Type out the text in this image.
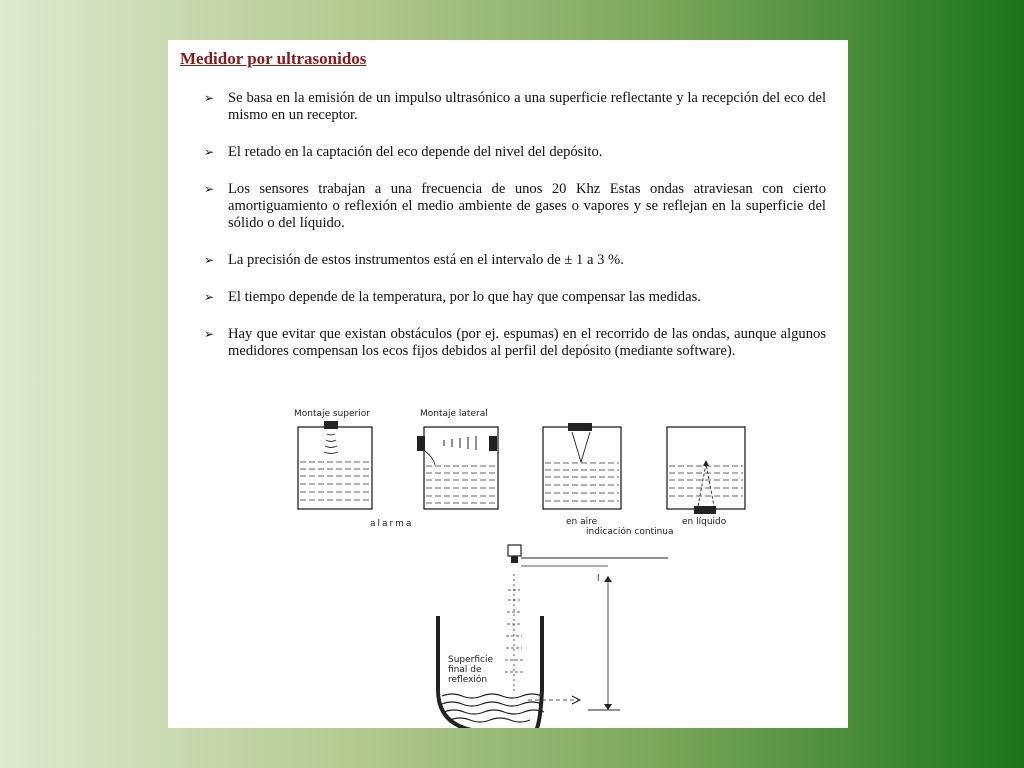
Medidor por ultrasonidos
➢ Se basa en la emisión de un impulso ultrasónico a una superficie reflectante y la recepción del eco del mismo en un receptor.
➢ El retado en la captación del eco depende del nivel del depósito.
➢ Los sensores trabajan a una frecuencia de unos 20 Khz Estas ondas atraviesan con cierto amortiguamiento o reflexión el medio ambiente de gases o vapores y se reflejan en la superficie del sólido o del líquido.
➢ La precisión de estos instrumentos está en el intervalo de ± 1 a 3 %.
➢ El tiempo depende de la temperatura, por lo que hay que compensar las medidas.
➢ Hay que evitar que existan obstáculos (por ej. espumas) en el recorrido de las ondas, aunque algunos medidores compensan los ecos fijos debidos al perfil del depósito (mediante software).
Montaje superior	Montaje lateral
alarma	en aire	en líquido
indicación continua
l
Superficie
final de
reflexión
